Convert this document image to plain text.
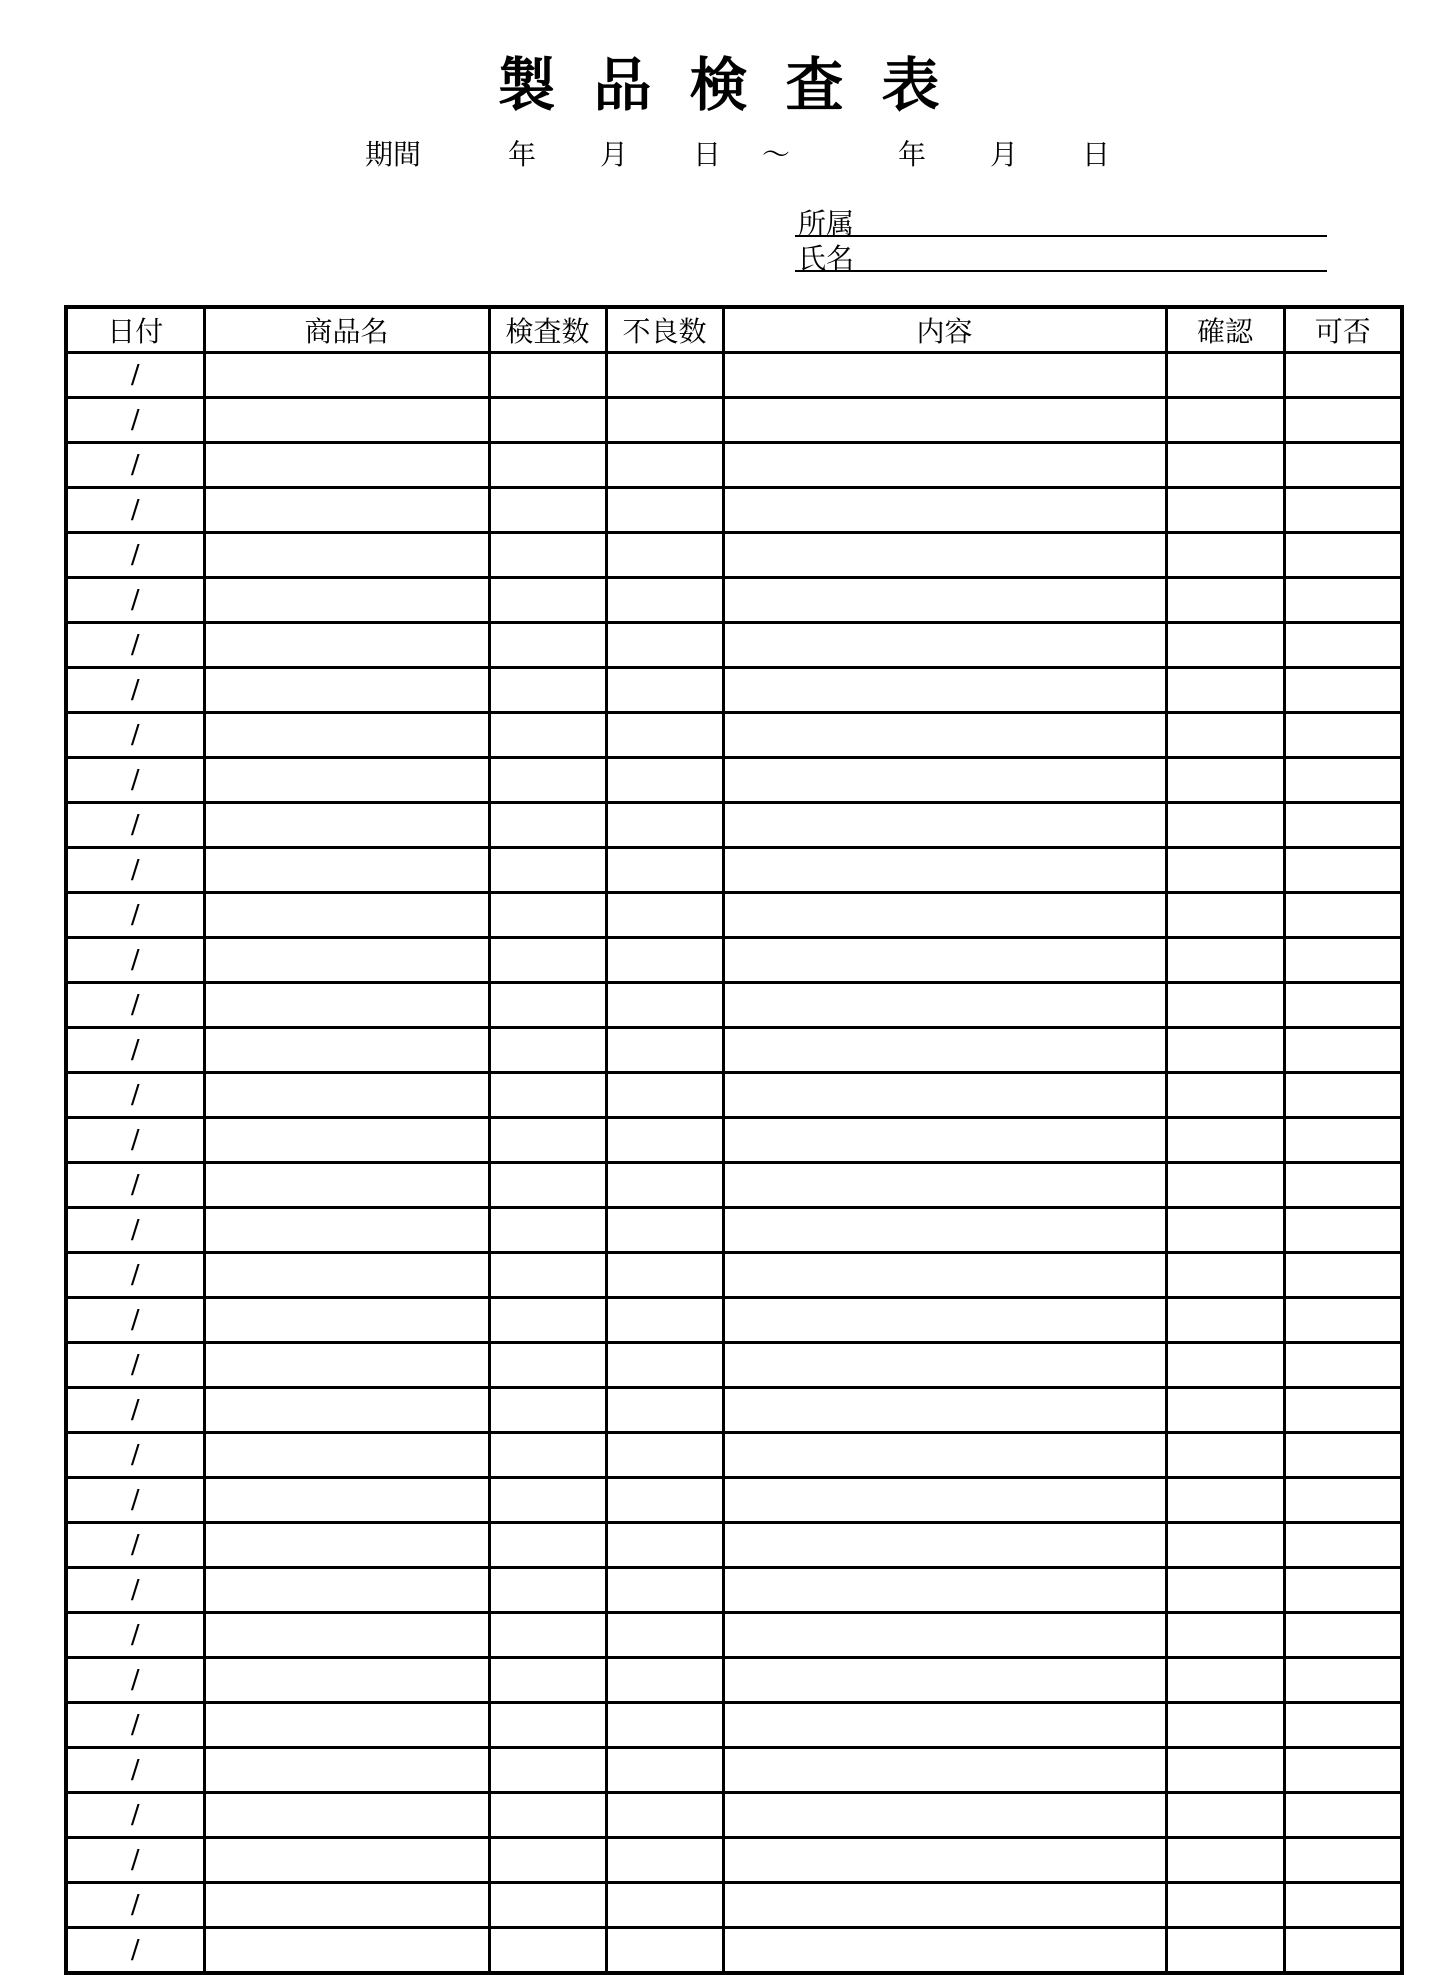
製品検査表
期間	年 月 日 ～	年 月 日
所属
氏名
日付	商品名	検査数	不良数	内容	確認	可否
/						
/						
/						
/						
/						
/						
/						
/						
/						
/						
/						
/						
/						
/						
/						
/						
/						
/						
/						
/						
/						
/						
/						
/						
/						
/						
/						
/						
/						
/						
/						
/						
/						
/						
/						
/						
